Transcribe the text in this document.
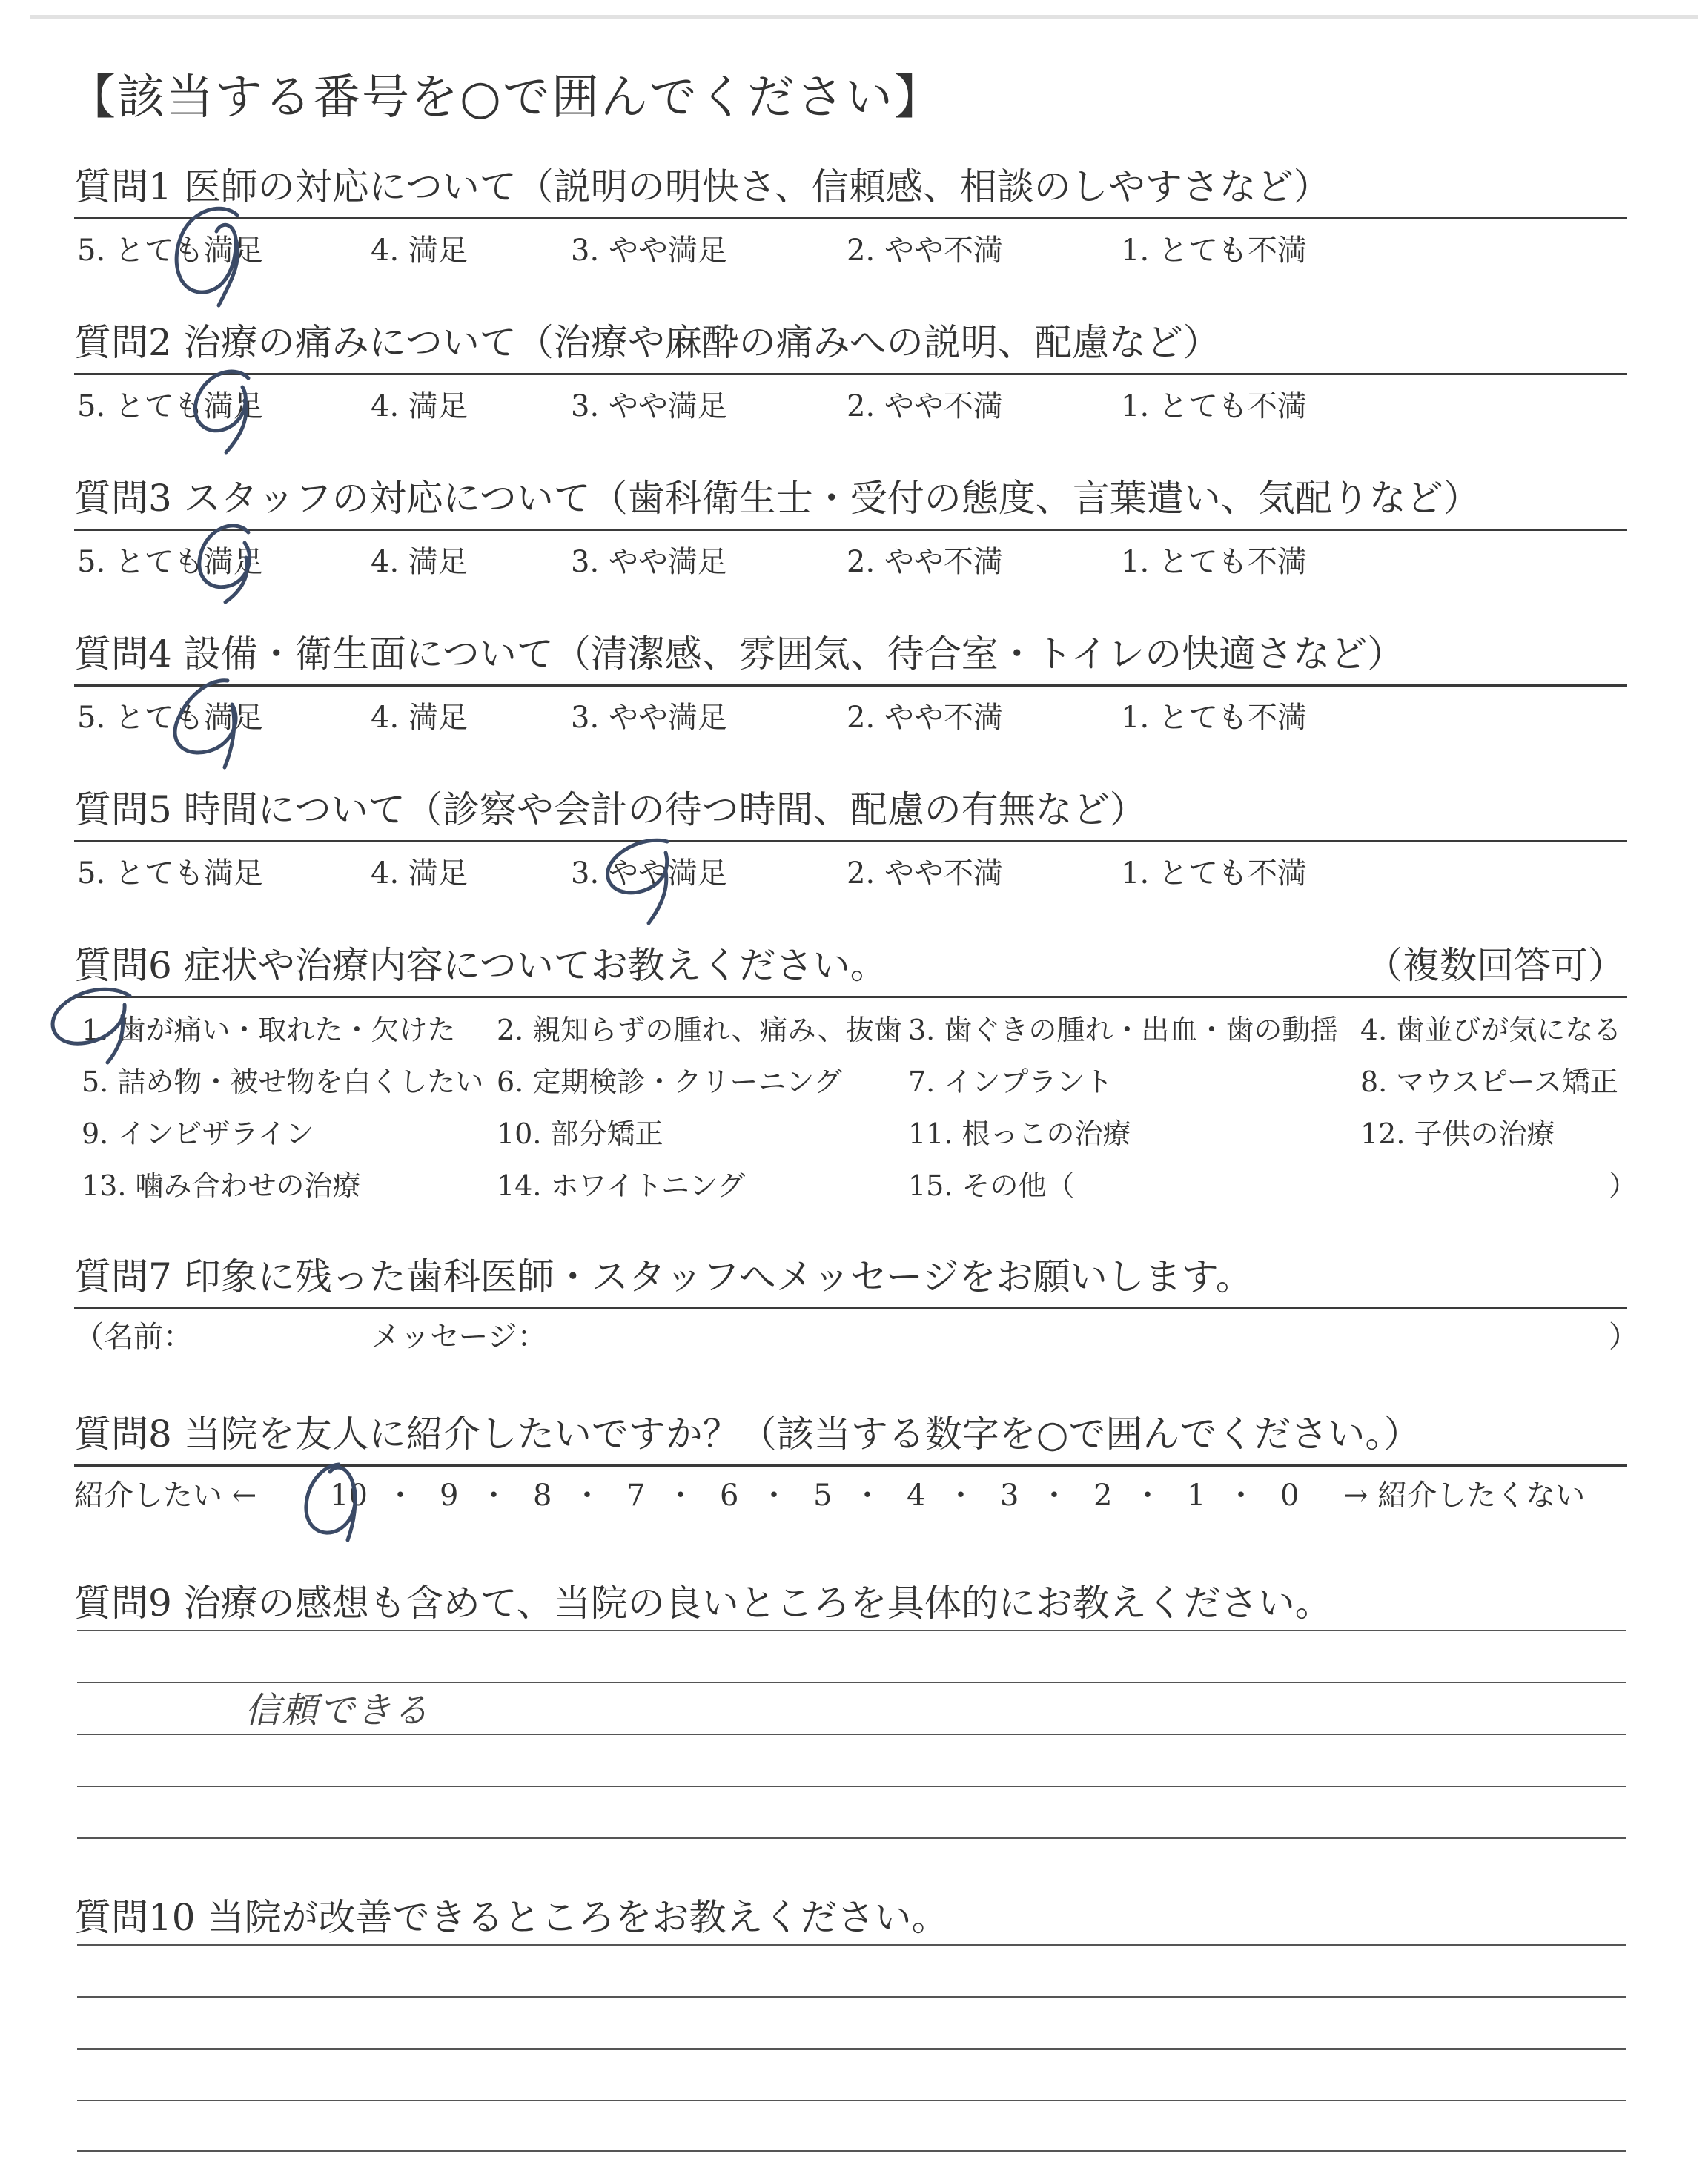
【該当する番号を○で囲んでください】
質問1 医師の対応について（説明の明快さ、信頼感、相談のしやすさなど）
5. とても満足	4. 満足	3. やや満足	2. やや不満	1. とても不満
質問2 治療の痛みについて（治療や麻酔の痛みへの説明、配慮など）
5. とても満足	4. 満足	3. やや満足	2. やや不満	1. とても不満
質問3 スタッフの対応について（歯科衛生士・受付の態度、言葉遣い、気配りなど）
5. とても満足	4. 満足	3. やや満足	2. やや不満	1. とても不満
質問4 設備・衛生面について（清潔感、雰囲気、待合室・トイレの快適さなど）
5. とても満足	4. 満足	3. やや満足	2. やや不満	1. とても不満
質問5 時間について（診察や会計の待つ時間、配慮の有無など）
5. とても満足	4. 満足	3. やや満足	2. やや不満	1. とても不満
質問6 症状や治療内容についてお教えください。	（複数回答可）
1. 歯が痛い・取れた・欠けた 2. 親知らずの腫れ、痛み、抜歯 3. 歯ぐきの腫れ・出血・歯の動揺 4. 歯並びが気になる
5. 詰め物・被せ物を白くしたい 6. 定期検診・クリーニング 7. インプラント	8. マウスピース矯正
9. インビザライン	10. 部分矯正	11. 根っこの治療	12. 子供の治療
13. 噛み合わせの治療	14. ホワイトニング	15. その他（	）
質問7 印象に残った歯科医師・スタッフへメッセージをお願いします。
（名前：	メッセージ：	）
質問8 当院を友人に紹介したいですか？（該当する数字を○で囲んでください。）
紹介したい ←	→ 紹介したくない
10 ・ 9 ・ 8 ・ 7 ・ 6 ・ 5 ・ 4 ・ 3 ・ 2 ・ 1 ・ 0
質問9 治療の感想も含めて、当院の良いところを具体的にお教えください。
信頼できる
質問10 当院が改善できるところをお教えください。
